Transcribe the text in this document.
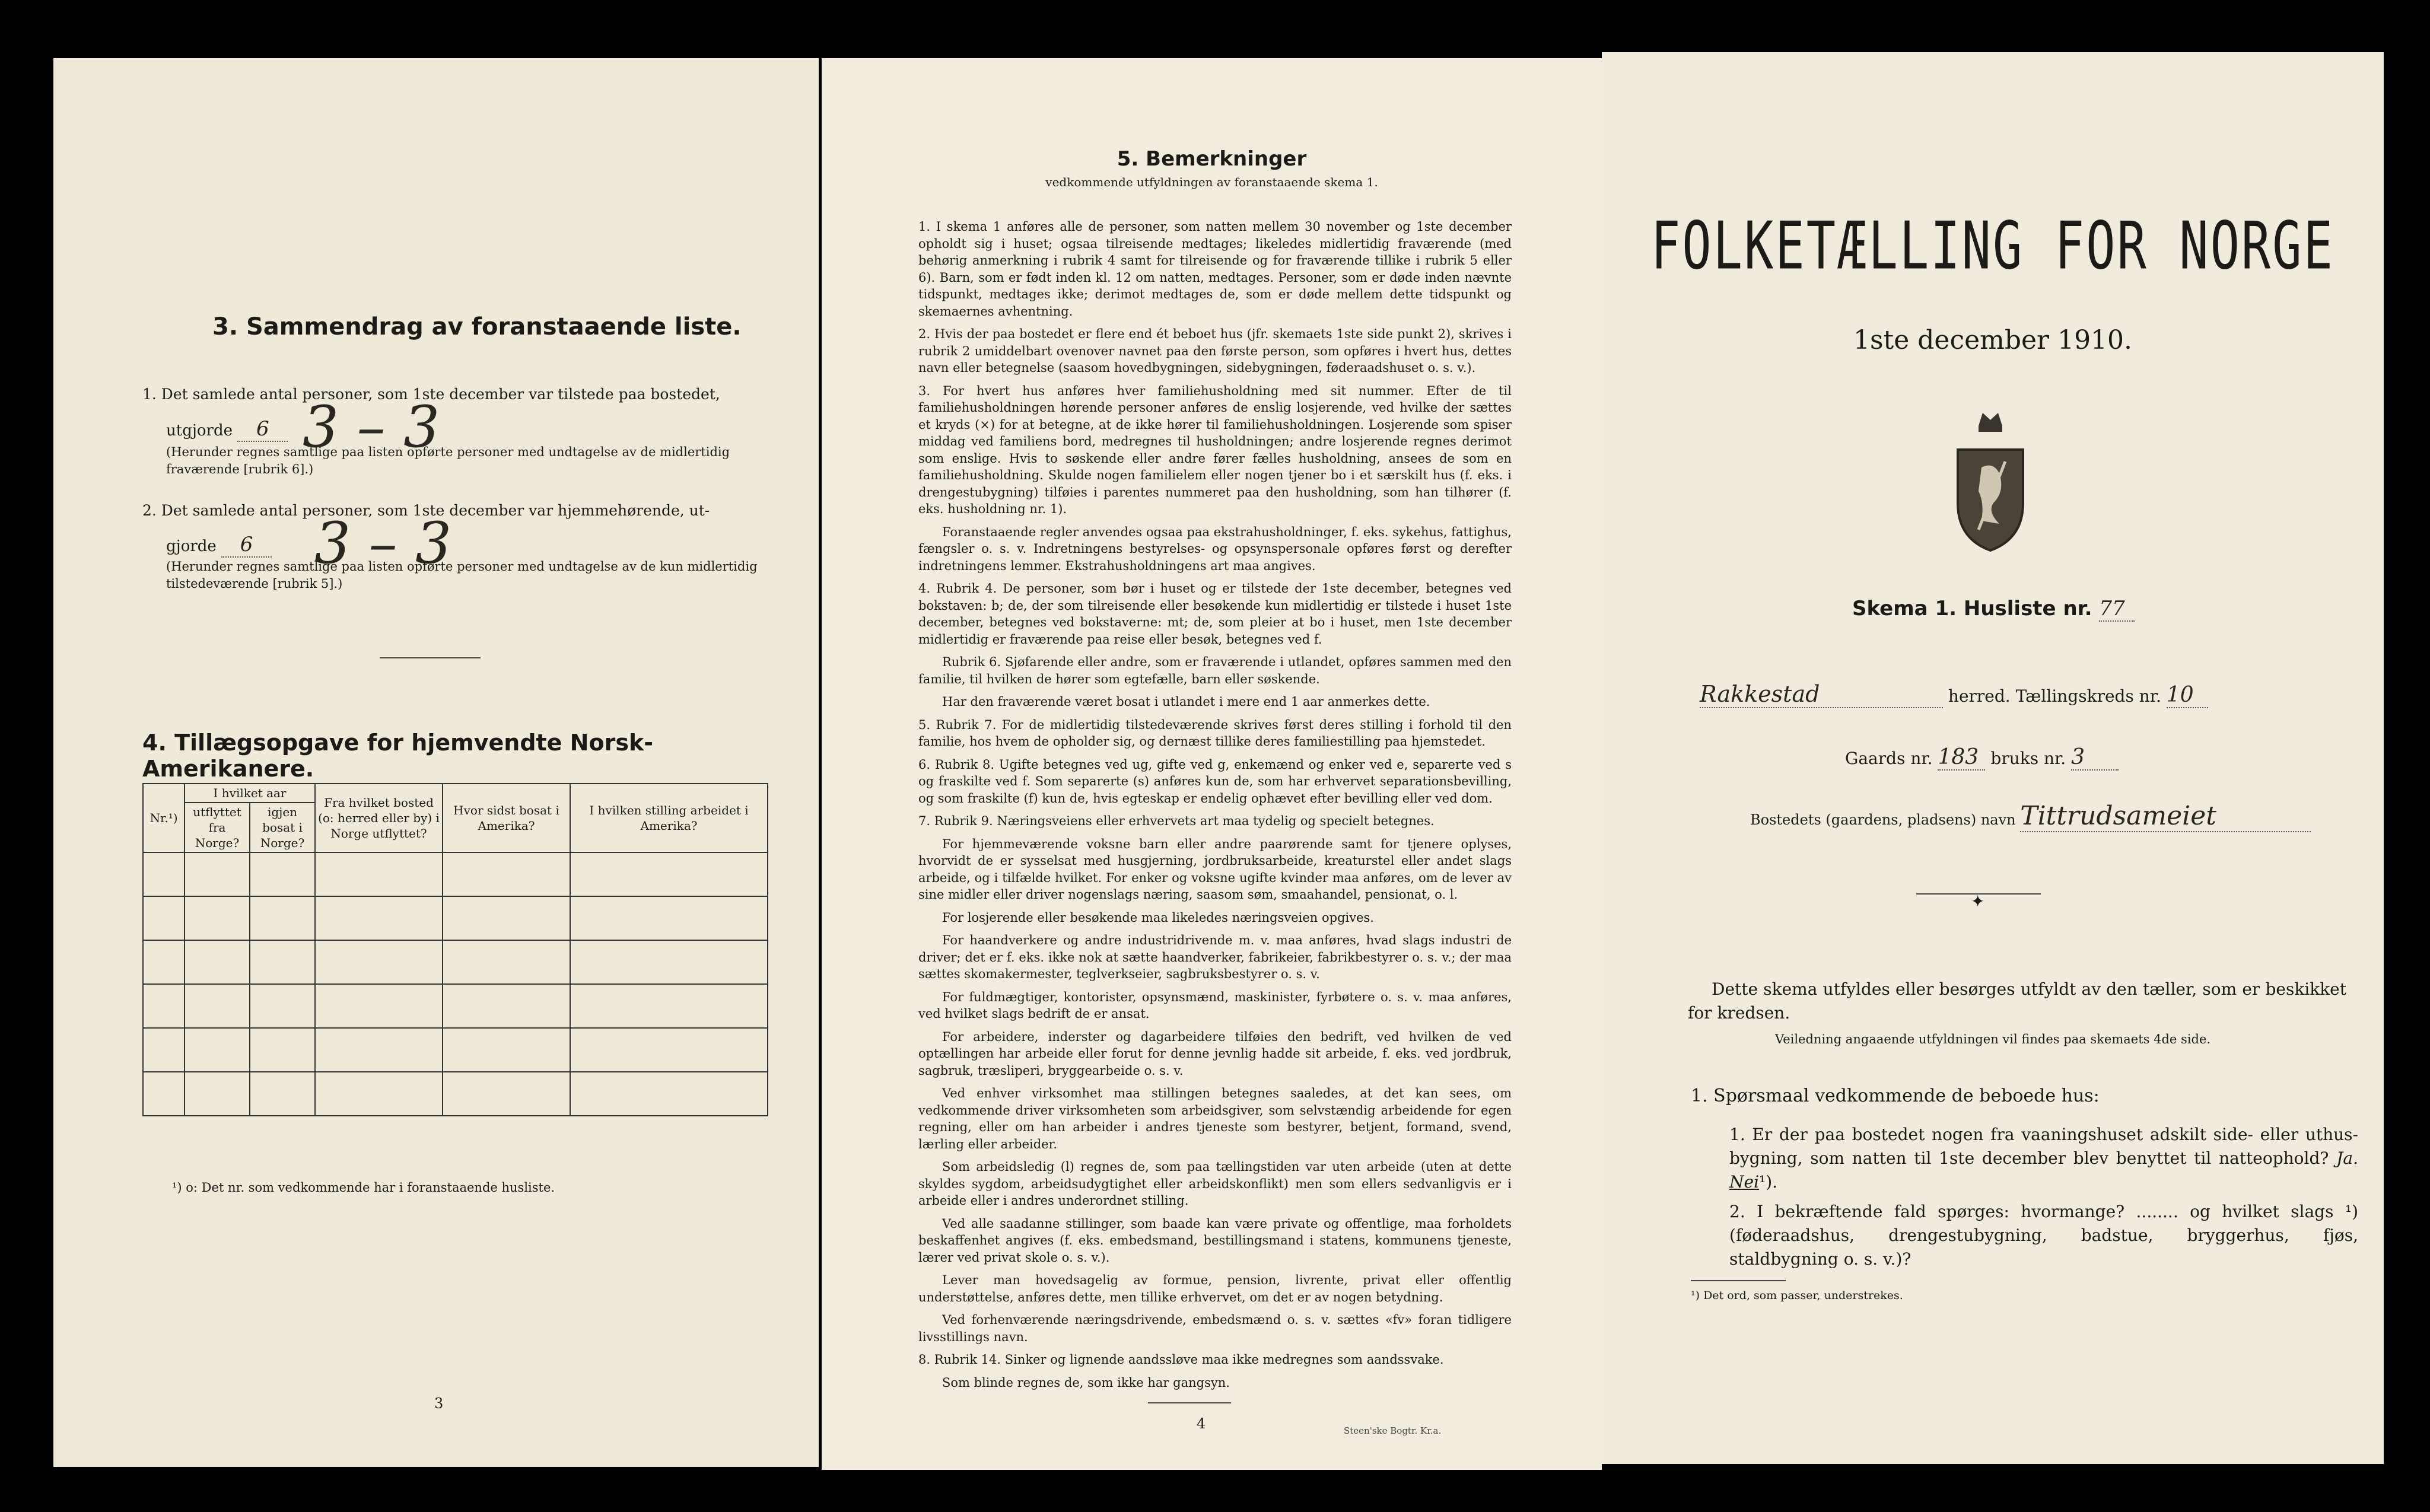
3. Sammendrag av foranstaaende liste.
1. Det samlede antal personer, som 1ste december var tilstede paa bostedet,
utgjorde 6 3 – 3
(Herunder regnes samtlige paa listen opførte personer med undtagelse av de midlertidig fraværende [rubrik 6].)
2. Det samlede antal personer, som 1ste december var hjemmehørende, ut-
gjorde 6	3 – 3
(Herunder regnes samtlige paa listen opførte personer med undtagelse av de kun midlertidig tilstedeværende [rubrik 5].)
4. Tillægsopgave for hjemvendte Norsk-Amerikanere.
Nr.¹)	I hvilket aar		Fra hvilket bosted (o: herred eller by) i Norge utflyttet?	Hvor sidst bosat i Amerika?	I hvilken stilling arbeidet i Amerika?
	utflyttet fra Norge?	igjen bosat i Norge?			

¹) o: Det nr. som vedkommende har i foranstaaende husliste.
3
5. Bemerkninger
vedkommende utfyldningen av foranstaaende skema 1.

1. I skema 1 anføres alle de personer, som natten mellem 30 november og 1ste december opholdt sig i huset; ogsaa tilreisende medtages; likeledes midlertidig fraværende (med behørig anmerkning i rubrik 4 samt for tilreisende og for fraværende tillike i rubrik 5 eller 6). Barn, som er født inden kl. 12 om natten, medtages. Personer, som er døde inden nævnte tidspunkt, medtages ikke; derimot medtages de, som er døde mellem dette tidspunkt og skemaernes avhentning.

2. Hvis der paa bostedet er flere end ét beboet hus (jfr. skemaets 1ste side punkt 2), skrives i rubrik 2 umiddelbart ovenover navnet paa den første person, som opføres i hvert hus, dettes navn eller betegnelse (saasom hovedbygningen, sidebygningen, føderaadshuset o. s. v.).

3. For hvert hus anføres hver familiehusholdning med sit nummer. Efter de til familiehusholdningen hørende personer anføres de enslig losjerende, ved hvilke der sættes et kryds (×) for at betegne, at de ikke hører til familiehusholdningen. Losjerende som spiser middag ved familiens bord, medregnes til husholdningen; andre losjerende regnes derimot som enslige. Hvis to søskende eller andre fører fælles husholdning, ansees de som en familiehusholdning. Skulde nogen familielem eller nogen tjener bo i et særskilt hus (f. eks. i drengestubygning) tilføies i parentes nummeret paa den husholdning, som han tilhører (f. eks. husholdning nr. 1).

Foranstaaende regler anvendes ogsaa paa ekstrahusholdninger, f. eks. sykehus, fattighus, fængsler o. s. v. Indretningens bestyrelses- og opsynspersonale opføres først og derefter indretningens lemmer. Ekstrahusholdningens art maa angives.

4. Rubrik 4. De personer, som bør i huset og er tilstede der 1ste december, betegnes ved bokstaven: b; de, der som tilreisende eller besøkende kun midlertidig er tilstede i huset 1ste december, betegnes ved bokstaverne: mt; de, som pleier at bo i huset, men 1ste december midlertidig er fraværende paa reise eller besøk, betegnes ved f.

Rubrik 6. Sjøfarende eller andre, som er fraværende i utlandet, opføres sammen med den familie, til hvilken de hører som egtefælle, barn eller søskende.

Har den fraværende været bosat i utlandet i mere end 1 aar anmerkes dette.

5. Rubrik 7. For de midlertidig tilstedeværende skrives først deres stilling i forhold til den familie, hos hvem de opholder sig, og dernæst tillike deres familiestilling paa hjemstedet.

6. Rubrik 8. Ugifte betegnes ved ug, gifte ved g, enkemænd og enker ved e, separerte ved s og fraskilte ved f. Som separerte (s) anføres kun de, som har erhvervet separationsbevilling, og som fraskilte (f) kun de, hvis egteskap er endelig ophævet efter bevilling eller ved dom.

7. Rubrik 9. Næringsveiens eller erhvervets art maa tydelig og specielt betegnes.

For hjemmeværende voksne barn eller andre paarørende samt for tjenere oplyses, hvorvidt de er sysselsat med husgjerning, jordbruksarbeide, kreaturstel eller andet slags arbeide, og i tilfælde hvilket. For enker og voksne ugifte kvinder maa anføres, om de lever av sine midler eller driver nogenslags næring, saasom søm, smaahandel, pensionat, o. l.

For losjerende eller besøkende maa likeledes næringsveien opgives.

For haandverkere og andre industridrivende m. v. maa anføres, hvad slags industri de driver; det er f. eks. ikke nok at sætte haandverker, fabrikeier, fabrikbestyrer o. s. v.; der maa sættes skomakermester, teglverkseier, sagbruksbestyrer o. s. v.

For fuldmægtiger, kontorister, opsynsmænd, maskinister, fyrbøtere o. s. v. maa anføres, ved hvilket slags bedrift de er ansat.

For arbeidere, inderster og dagarbeidere tilføies den bedrift, ved hvilken de ved optællingen har arbeide eller forut for denne jevnlig hadde sit arbeide, f. eks. ved jordbruk, sagbruk, træsliperi, bryggearbeide o. s. v.

Ved enhver virksomhet maa stillingen betegnes saaledes, at det kan sees, om vedkommende driver virksomheten som arbeidsgiver, som selvstændig arbeidende for egen regning, eller om han arbeider i andres tjeneste som bestyrer, betjent, formand, svend, lærling eller arbeider.

Som arbeidsledig (l) regnes de, som paa tællingstiden var uten arbeide (uten at dette skyldes sygdom, arbeidsudygtighet eller arbeidskonflikt) men som ellers sedvanligvis er i arbeide eller i andres underordnet stilling.

Ved alle saadanne stillinger, som baade kan være private og offentlige, maa forholdets beskaffenhet angives (f. eks. embedsmand, bestillingsmand i statens, kommunens tjeneste, lærer ved privat skole o. s. v.).

Lever man hovedsagelig av formue, pension, livrente, privat eller offentlig understøttelse, anføres dette, men tillike erhvervet, om det er av nogen betydning.

Ved forhenværende næringsdrivende, embedsmænd o. s. v. sættes «fv» foran tidligere livsstillings navn.

8. Rubrik 14. Sinker og lignende aandssløve maa ikke medregnes som aandssvake.

Som blinde regnes de, som ikke har gangsyn.

4	Steen'ske Bogtr. Kr.a.
FOLKETÆLLING FOR NORGE
1ste december 1910.
Skema 1. Husliste nr. 77
Rakkestad	herred. Tællingskreds nr. 10
Gaards nr. 183 bruks nr. 3
Bostedets (gaardens, pladsens) navn Tittrudsameiet
✦
Dette skema utfyldes eller besørges utfyldt av den tæller, som er beskikket for kredsen.
Veiledning angaaende utfyldningen vil findes paa skemaets 4de side.
1. Spørsmaal vedkommende de beboede hus:
1. Er der paa bostedet nogen fra vaaningshuset adskilt side- eller uthus-bygning, som natten til 1ste december blev benyttet til natteophold? Ja. Nei¹).
2. I bekræftende fald spørges: hvormange? ........ og hvilket slags ¹) (føderaadshus, drengestubygning, badstue, bryggerhus, fjøs, staldbygning o. s. v.)?
¹) Det ord, som passer, understrekes.
